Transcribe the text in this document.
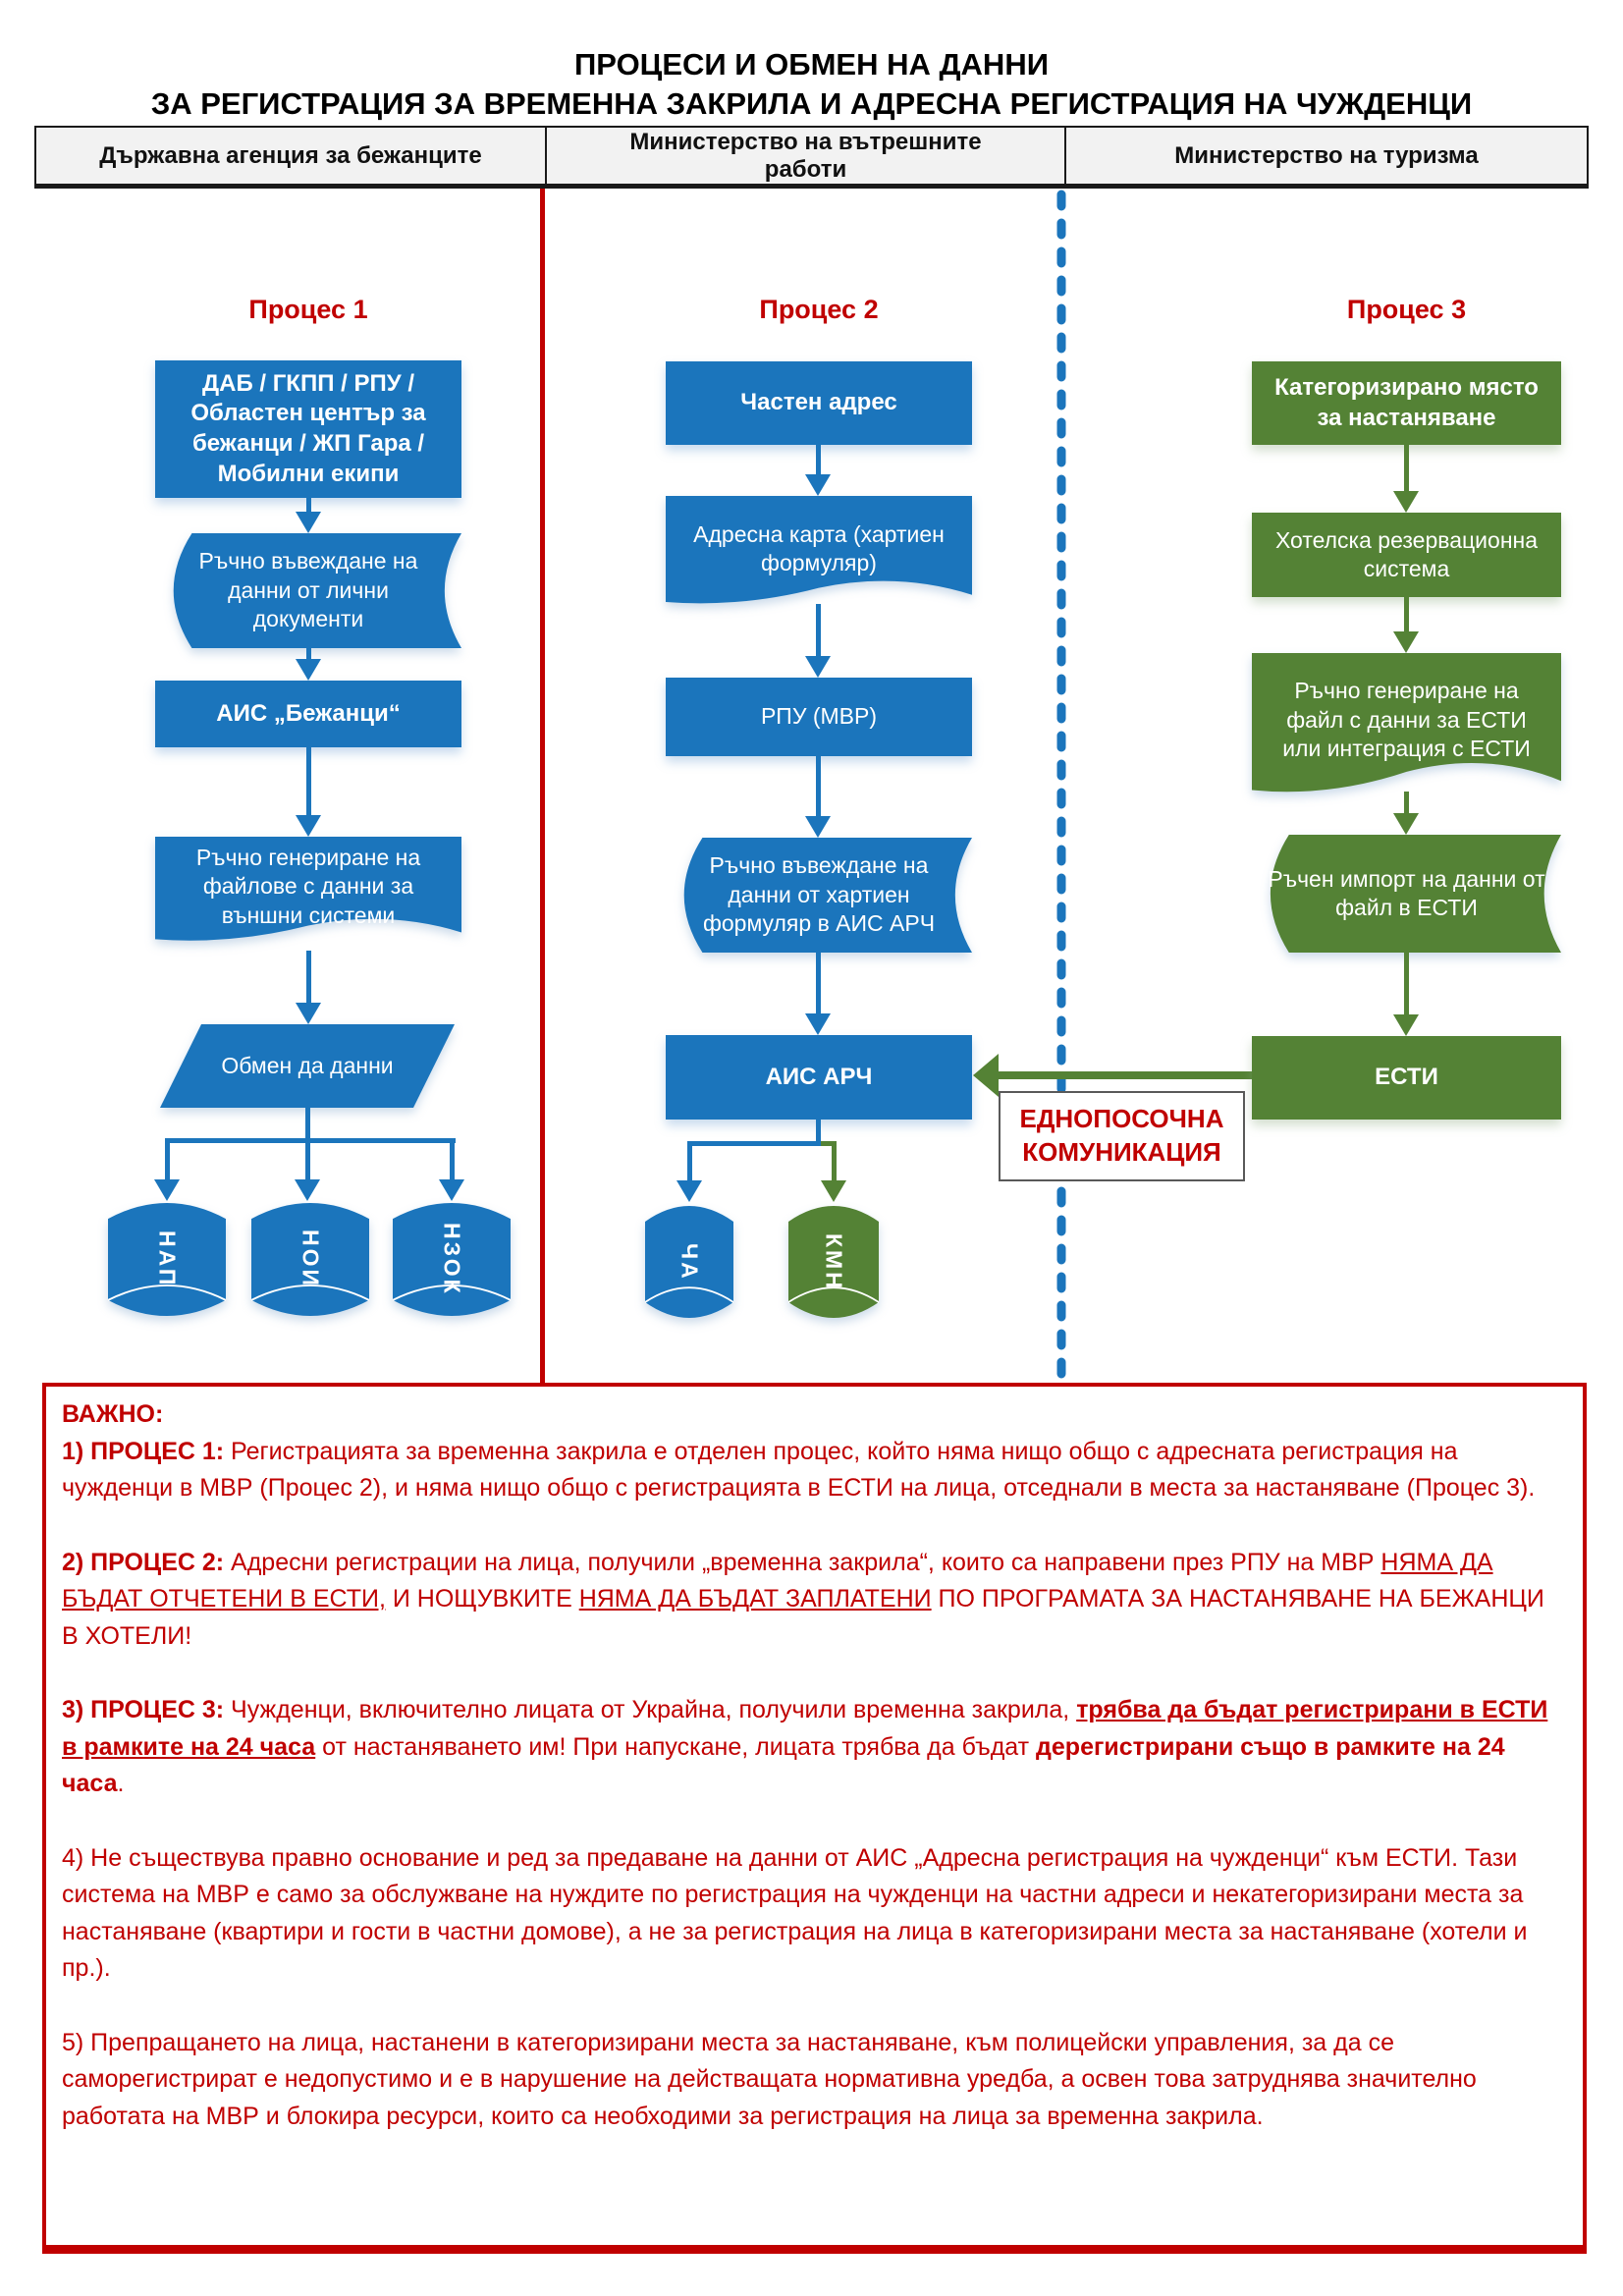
ПРОЦЕСИ И ОБМЕН НА ДАННИ
ЗА РЕГИСТРАЦИЯ ЗА ВРЕМЕННА ЗАКРИЛА И АДРЕСНА РЕГИСТРАЦИЯ НА ЧУЖДЕНЦИ
Държавна агенция за бежанците
Министерство на вътрешните работи
Министерство на туризма
Процес 1	Процес 2	Процес 3
ДАБ / ГКПП / РПУ / Областен център за бежанци / ЖП Гара / Мобилни екипи
Ръчно въвеждане на данни от лични документи
АИС „Бежанци“
Ръчно генериране на файлове с данни за външни системи
Обмен да данни
НАП	НОИ	НЗОК
Частен адрес
Адресна карта (хартиен формуляр)
РПУ (МВР)
Ръчно въвеждане на данни от хартиен формуляр в АИС АРЧ
АИС АРЧ
ЧА	КМН
ЕДНОПОСОЧНА КОМУНИКАЦИЯ
Категоризирано място за настаняване
Хотелска резервационна система
Ръчно генериране на файл с данни за ЕСТИ или интеграция с ЕСТИ
Ръчен импорт на данни от файл в ЕСТИ
ЕСТИ
ВАЖНО:

1) ПРОЦЕС 1: Регистрацията за временна закрила е отделен процес, който няма нищо общо с адресната регистрация на чужденци в МВР (Процес 2), и няма нищо общо с регистрацията в ЕСТИ на лица, отседнали в места за настаняване (Процес 3).

2) ПРОЦЕС 2: Адресни регистрации на лица, получили „временна закрила“, които са направени през РПУ на МВР НЯМА ДА БЪДАТ ОТЧЕТЕНИ В ЕСТИ, И НОЩУВКИТЕ НЯМА ДА БЪДАТ ЗАПЛАТЕНИ ПО ПРОГРАМАТА ЗА НАСТАНЯВАНЕ НА БЕЖАНЦИ В ХОТЕЛИ!

3) ПРОЦЕС 3: Чужденци, включително лицата от Украйна, получили временна закрила, трябва да бъдат регистрирани в ЕСТИ в рамките на 24 часа от настаняването им! При напускане, лицата трябва да бъдат дерегистрирани също в рамките на 24 часа.

4) Не съществува правно основание и ред за предаване на данни от АИС „Адресна регистрация на чужденци“ към ЕСТИ. Тази система на МВР е само за обслужване на нуждите по регистрация на чужденци на частни адреси и некатегоризирани места за настаняване (квартири и гости в частни домове), а не за регистрация на лица в категоризирани места за настаняване (хотели и пр.).

5) Препращането на лица, настанени в категоризирани места за настаняване, към полицейски управления, за да се саморегистрират е недопустимо и е в нарушение на действащата нормативна уредба, а освен това затруднява значително работата на МВР и блокира ресурси, които са необходими за регистрация на лица за временна закрила.
